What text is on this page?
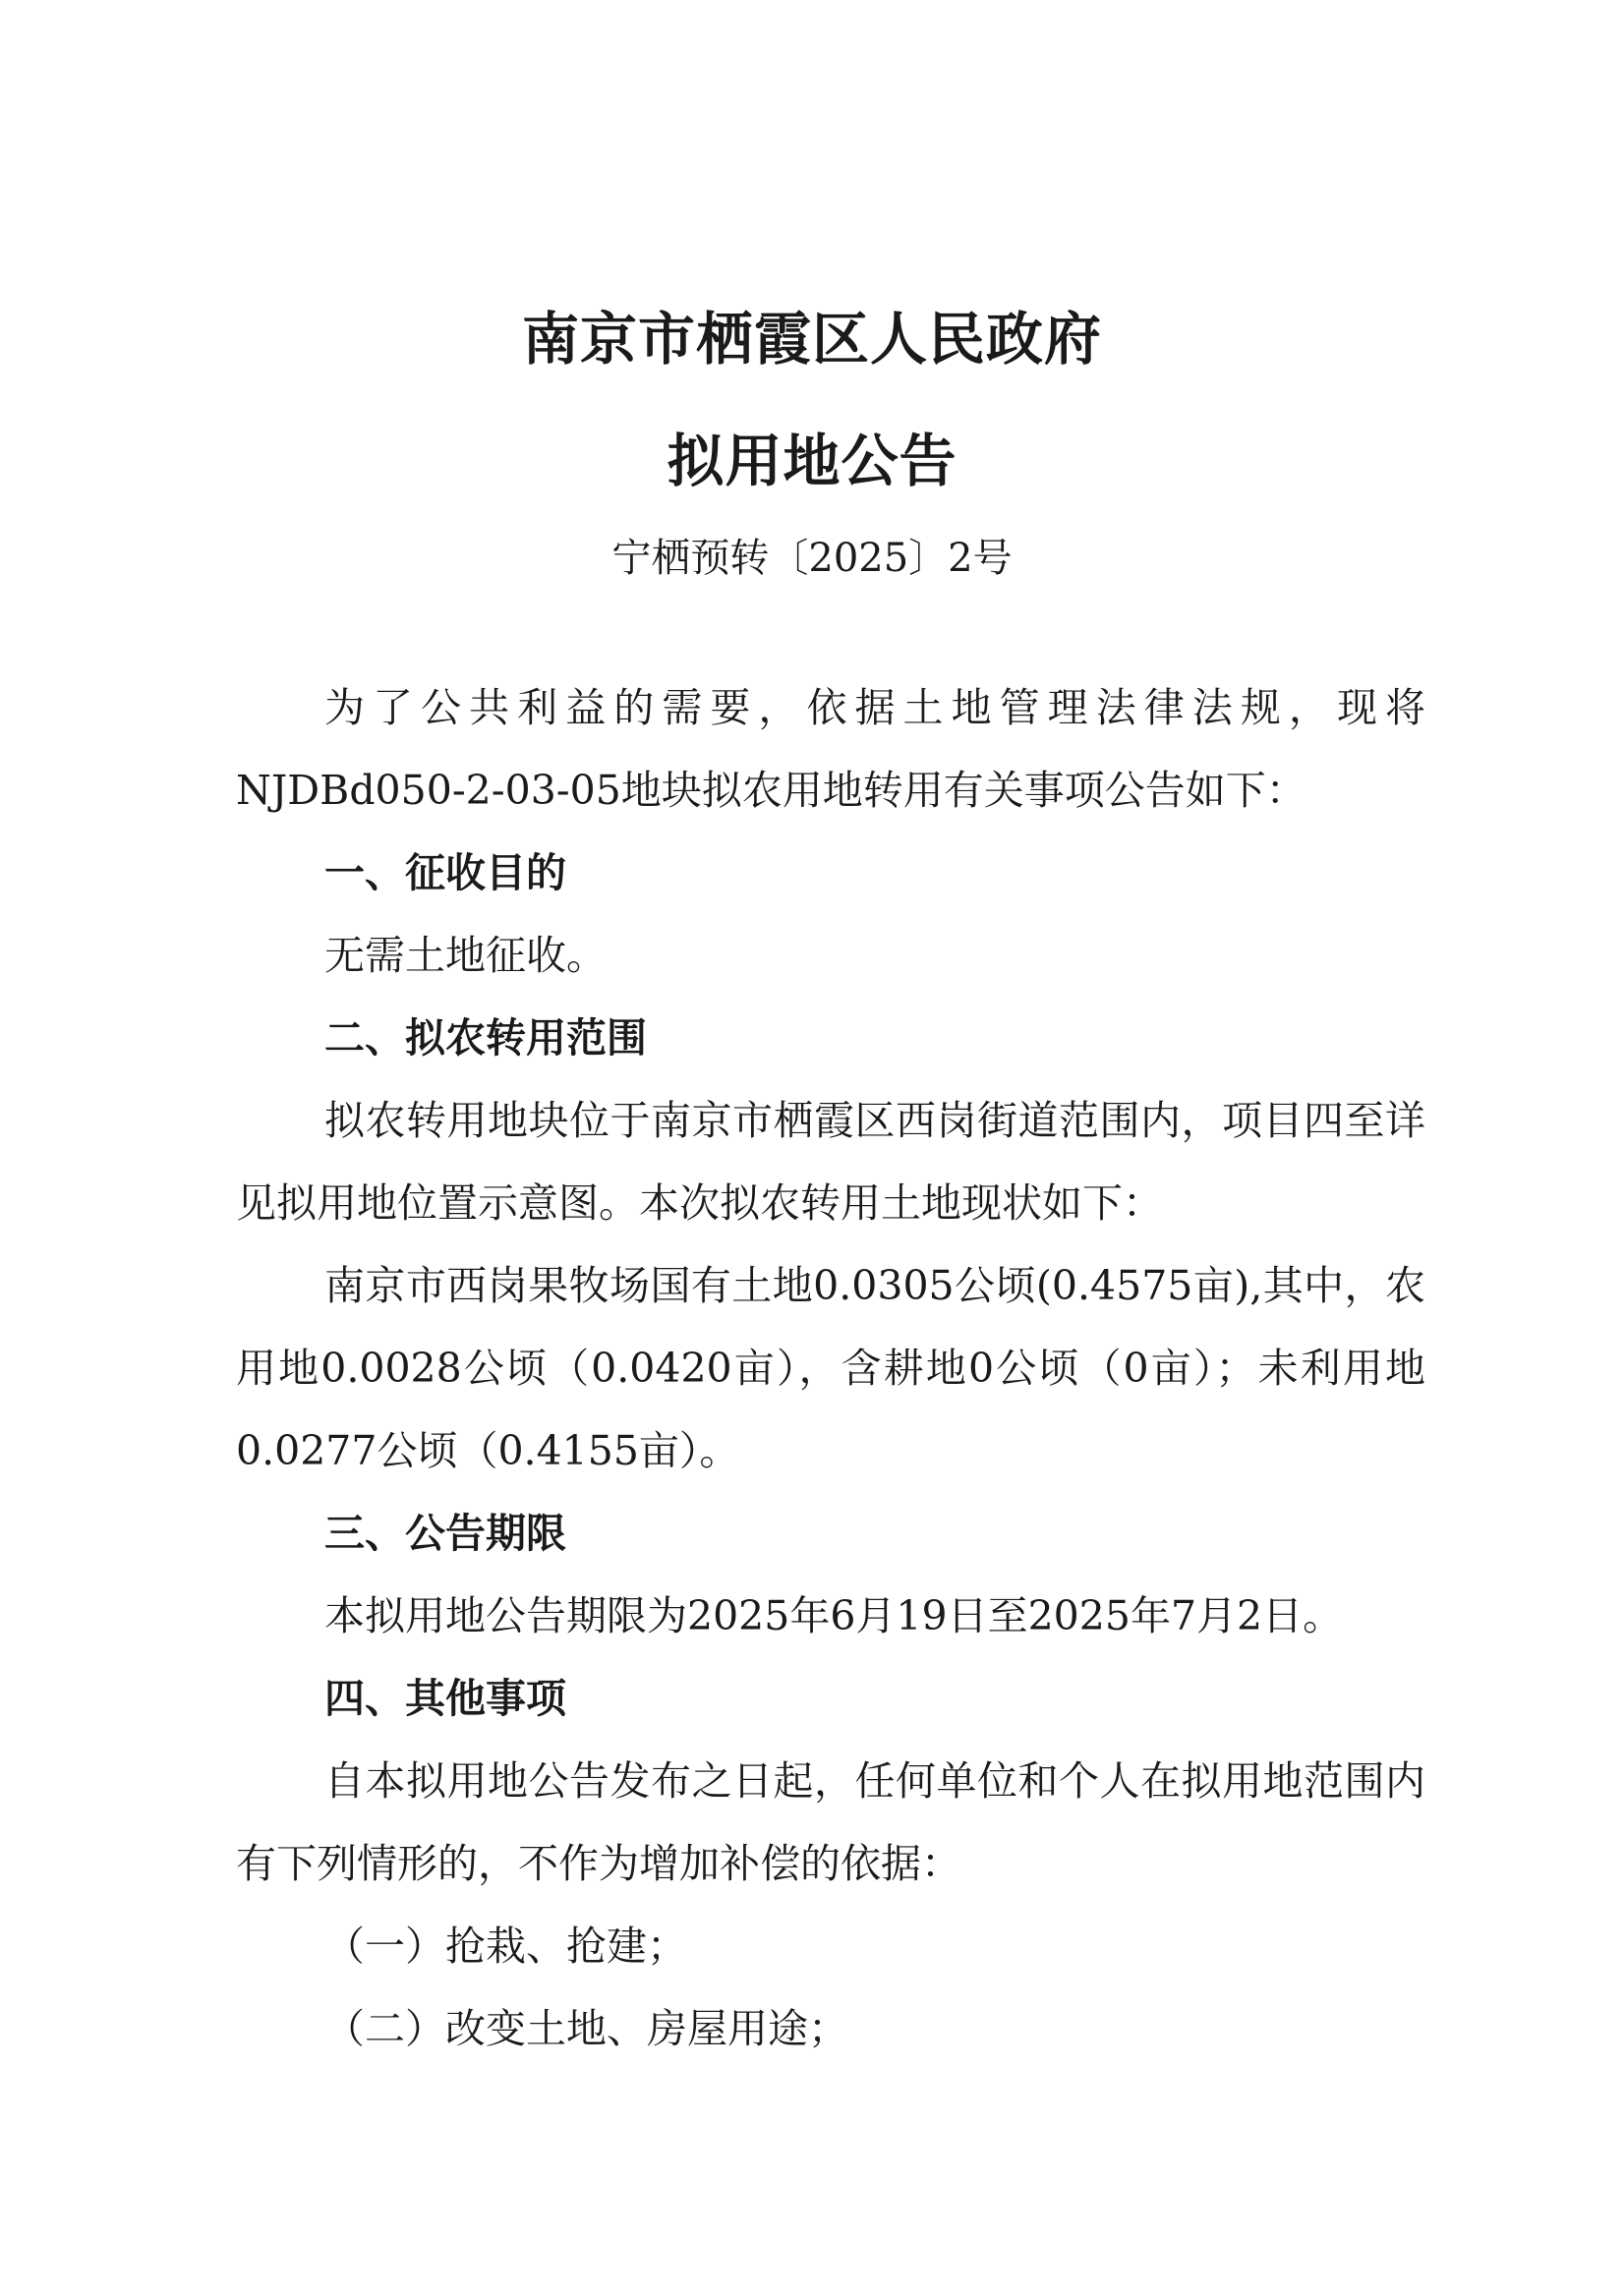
南京市栖霞区人民政府
拟用地公告
宁栖预转〔2025〕2号

为了公共利益的需要，依据土地管理法律法规，现将NJDBd050-2-03-05地块拟农用地转用有关事项公告如下：

一、征收目的

无需土地征收。

二、拟农转用范围

拟农转用地块位于南京市栖霞区西岗街道范围内，项目四至详见拟用地位置示意图。本次拟农转用土地现状如下：

南京市西岗果牧场国有土地0.0305公顷(0.4575亩),其中，农用地0.0028公顷（0.0420亩），含耕地0公顷（0亩）；未利用地0.0277公顷（0.4155亩）。

三、公告期限

本拟用地公告期限为2025年6月19日至2025年7月2日。

四、其他事项

自本拟用地公告发布之日起，任何单位和个人在拟用地范围内有下列情形的，不作为增加补偿的依据：

（一）抢栽、抢建；

（二）改变土地、房屋用途；
